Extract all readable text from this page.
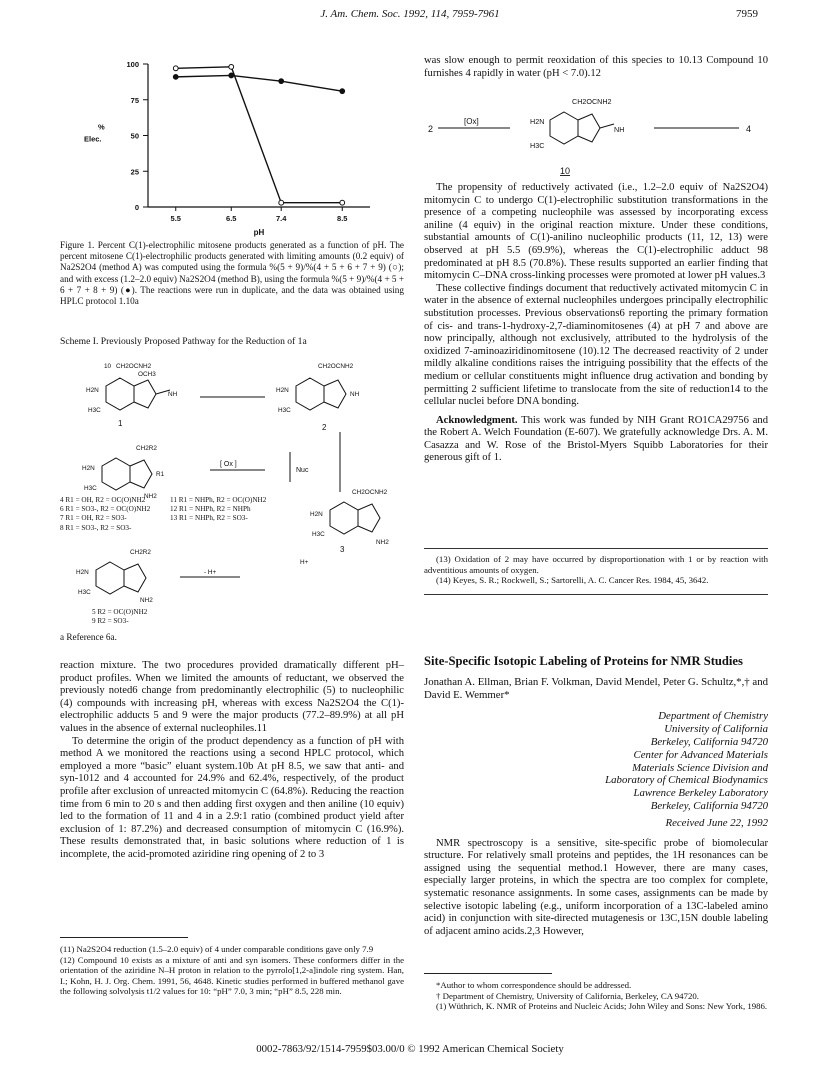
J. Am. Chem. Soc. 1992, 114, 7959-7961	7959
0
25
50
75
100
5.5	6.5	7.4	8.5
pH
%
Elec.
Figure 1. Percent C(1)-electrophilic mitosene products generated as a function of pH. The percent mitosene C(1)-electrophilic products generated with limiting amounts (0.2 equiv) of Na2S2O4 (method A) was computed using the formula %(5 + 9)/%(4 + 5 + 6 + 7 + 9) (○); and with excess (1.2–2.0 equiv) Na2S2O4 (method B), using the formula %(5 + 9)/%(4 + 5 + 6 + 7 + 8 + 9) (●). The reactions were run in duplicate, and the data was obtained using HPLC protocol 1.10a
Scheme I. Previously Proposed Pathway for the Reduction of 1a
CH2OCNH2
10
H2N
OCH3
NH
H3C
1
CH2OCNH2
H2N
NH
H3C
2
CH2R2
H2N
R1
H3C
NH2
[ Ox ]
Nuc
CH2OCNH2
H2N
H3C
NH2
3
H+
CH2R2
H2N
H3C
NH2
- H+
4 R1 = OH, R2 = OC(O)NH2
6 R1 = SO3-, R2 = OC(O)NH2
7 R1 = OH, R2 = SO3-
8 R1 = SO3-, R2 = SO3-
11 R1 = NHPh, R2 = OC(O)NH2
12 R1 = NHPh, R2 = NHPh
13 R1 = NHPh, R2 = SO3-
5 R2 = OC(O)NH2
9 R2 = SO3-
a Reference 6a.

reaction mixture. The two procedures provided dramatically different pH–product profiles. When we limited the amounts of reductant, we observed the previously noted6 change from predominantly electrophilic (5) to nucleophilic (4) compounds with increasing pH, whereas with excess Na2S2O4 the C(1)-electrophilic adducts 5 and 9 were the major products (77.2–89.9%) at all pH values in the absence of external nucleophiles.11

To determine the origin of the product dependency as a function of pH with method A we monitored the reactions using a second HPLC protocol, which employed a more “basic” eluant system.10b At pH 8.5, we saw that anti- and syn-1012 and 4 accounted for 24.9% and 62.4%, respectively, of the product profile after exclusion of unreacted mitomycin C (64.8%). Reducing the reaction time from 6 min to 20 s and then adding first oxygen and then aniline (10 equiv) led to the formation of 11 and 4 in a 2.9:1 ratio (combined product yield after exclusion of 1: 87.2%) and decreased consumption of mitomycin C (16.9%). These results demonstrated that, in basic solutions where reduction of 1 is incomplete, the acid-promoted aziridine ring opening of 2 to 3

(11) Na2S2O4 reduction (1.5–2.0 equiv) of 4 under comparable conditions gave only 7.9

(12) Compound 10 exists as a mixture of anti and syn isomers. These conformers differ in the orientation of the aziridine N–H proton in relation to the pyrrolo[1,2-a]indole ring system. Han, I.; Kohn, H. J. Org. Chem. 1991, 56, 4648. Kinetic studies performed in buffered methanol gave the following solvolysis t1/2 values for 10: “pH” 7.0, 3 min; “pH” 8.5, 228 min.

was slow enough to permit reoxidation of this species to 10.13 Compound 10 furnishes 4 rapidly in water (pH < 7.0).12
2
[Ox]	H2N
H3C
CH2OCNH2
NH
10
4

The propensity of reductively activated (i.e., 1.2–2.0 equiv of Na2S2O4) mitomycin C to undergo C(1)-electrophilic substitution transformations in the presence of a competing nucleophile was assessed by incorporating excess aniline (4 equiv) in the original reaction mixture. Under these conditions, substantial amounts of C(1)-anilino nucleophilic products (11, 12, 13) were observed at pH 5.5 (69.9%), whereas the C(1)-electrophilic adduct 98 predominated at pH 8.5 (70.8%). These results supported an earlier finding that mitomycin C–DNA cross-linking processes were promoted at lower pH values.3

These collective findings document that reductively activated mitomycin C in water in the absence of external nucleophiles undergoes principally electrophilic substitution processes. Previous observations6 reporting the primary formation of cis- and trans-1-hydroxy-2,7-diaminomitosenes (4) at pH 7 and above are now principally, although not exclusively, attributed to the hydrolysis of the oxidized 7-aminoaziridinomitosene (10).12 The decreased reactivity of 2 under mildly alkaline conditions raises the intriguing possibility that the effects of the medium or cellular constituents might influence drug activation and bonding by permitting 2 sufficient lifetime to translocate from the site of reduction14 to the cellular nuclei before DNA bonding.

Acknowledgment. This work was funded by NIH Grant RO1CA29756 and the Robert A. Welch Foundation (E-607). We gratefully acknowledge Drs. A. M. Casazza and W. Rose of the Bristol-Myers Squibb Laboratories for their generous gift of 1.

(13) Oxidation of 2 may have occurred by disproportionation with 1 or by reaction with adventitious amounts of oxygen.

(14) Keyes, S. R.; Rockwell, S.; Sartorelli, A. C. Cancer Res. 1984, 45, 3642.

Site-Specific Isotopic Labeling of Proteins for NMR Studies
Jonathan A. Ellman, Brian F. Volkman, David Mendel, Peter G. Schultz,*,† and David E. Wemmer*
Department of Chemistry
University of California
Berkeley, California 94720
Center for Advanced Materials
Materials Science Division and
Laboratory of Chemical Biodynamics
Lawrence Berkeley Laboratory
Berkeley, California 94720
Received June 22, 1992

NMR spectroscopy is a sensitive, site-specific probe of biomolecular structure. For relatively small proteins and peptides, the 1H resonances can be assigned using the sequential method.1 However, there are many cases, especially larger proteins, in which the spectra are too complex for complete, systematic resonance assignments. In some cases, assignments can be made by selective isotopic labeling (e.g., uniform incorporation of a 13C-labeled amino acid) in conjunction with site-directed mutagenesis or 13C,15N double labeling of adjacent amino acids.2,3 However,

*Author to whom correspondence should be addressed.

† Department of Chemistry, University of California, Berkeley, CA 94720.

(1) Wüthrich, K. NMR of Proteins and Nucleic Acids; John Wiley and Sons: New York, 1986.

0002-7863/92/1514-7959$03.00/0 © 1992 American Chemical Society
